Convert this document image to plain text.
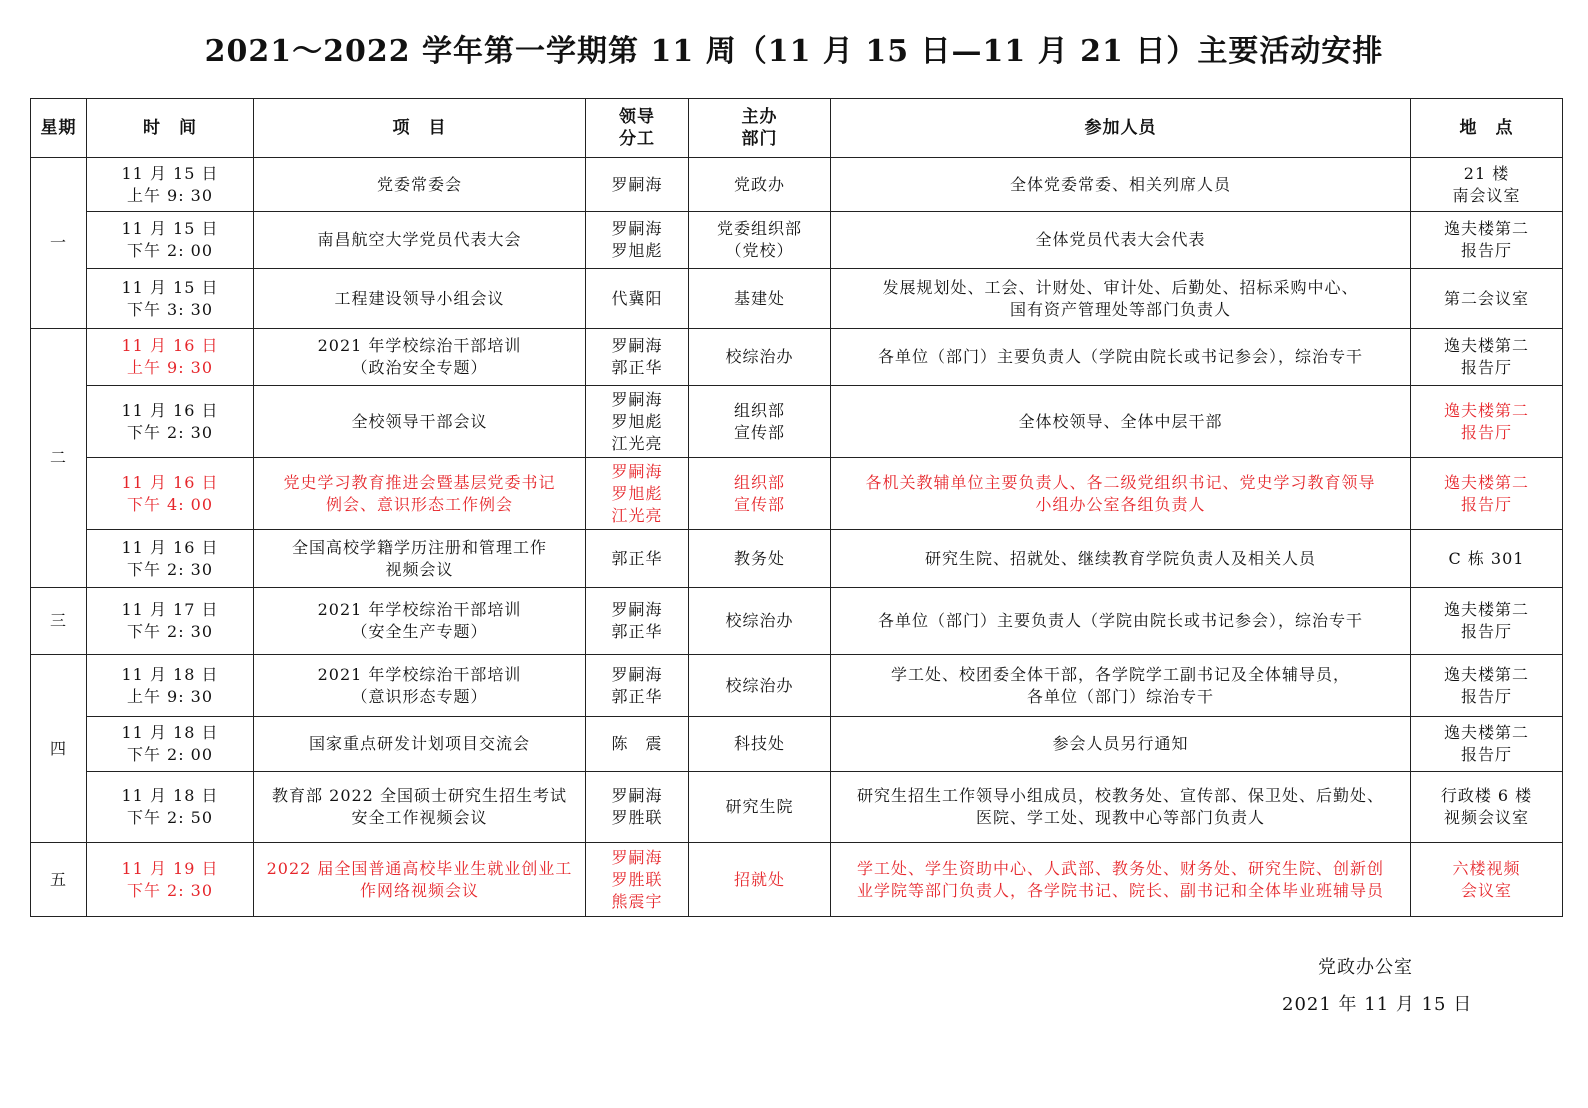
2021～2022 学年第一学期第 11 周（11 月 15 日—11 月 21 日）主要活动安排
星期	时　间	项　目	领导
分工	主办
部门	参加人员	地　点

一	11 月 15 日
上午 9: 30	党委常委会	罗嗣海	党政办	全体党委常委、相关列席人员	21 楼
南会议室

	11 月 15 日
下午 2: 00	南昌航空大学党员代表大会	罗嗣海
罗旭彪	党委组织部
（党校）	全体党员代表大会代表	逸夫楼第二
报告厅

	11 月 15 日
下午 3: 30	工程建设领导小组会议	代冀阳	基建处	发展规划处、工会、计财处、审计处、后勤处、招标采购中心、
国有资产管理处等部门负责人	第二会议室

二	11 月 16 日
上午 9: 30	2021 年学校综治干部培训
（政治安全专题）	罗嗣海
郭正华	校综治办	各单位（部门）主要负责人（学院由院长或书记参会），综治专干	逸夫楼第二
报告厅

	11 月 16 日
下午 2: 30	全校领导干部会议	罗嗣海
罗旭彪
江光亮	组织部
宣传部	全体校领导、全体中层干部	逸夫楼第二
报告厅

	11 月 16 日
下午 4: 00	党史学习教育推进会暨基层党委书记
例会、意识形态工作例会	罗嗣海
罗旭彪
江光亮	组织部
宣传部	各机关教辅单位主要负责人、各二级党组织书记、党史学习教育领导
小组办公室各组负责人	逸夫楼第二
报告厅

	11 月 16 日
下午 2: 30	全国高校学籍学历注册和管理工作
视频会议	郭正华	教务处	研究生院、招就处、继续教育学院负责人及相关人员	C 栋 301

三	11 月 17 日
下午 2: 30	2021 年学校综治干部培训
（安全生产专题）	罗嗣海
郭正华	校综治办	各单位（部门）主要负责人（学院由院长或书记参会），综治专干	逸夫楼第二
报告厅

四	11 月 18 日
上午 9: 30	2021 年学校综治干部培训
（意识形态专题）	罗嗣海
郭正华	校综治办	学工处、校团委全体干部，各学院学工副书记及全体辅导员，
各单位（部门）综治专干	逸夫楼第二
报告厅

	11 月 18 日
下午 2: 00	国家重点研发计划项目交流会	陈　震	科技处	参会人员另行通知	逸夫楼第二
报告厅

	11 月 18 日
下午 2: 50	教育部 2022 全国硕士研究生招生考试
安全工作视频会议	罗嗣海
罗胜联	研究生院	研究生招生工作领导小组成员，校教务处、宣传部、保卫处、后勤处、
医院、学工处、现教中心等部门负责人	行政楼 6 楼
视频会议室

五	11 月 19 日
下午 2: 30	2022 届全国普通高校毕业生就业创业工
作网络视频会议	罗嗣海
罗胜联
熊震宇	招就处	学工处、学生资助中心、人武部、教务处、财务处、研究生院、创新创
业学院等部门负责人，各学院书记、院长、副书记和全体毕业班辅导员	六楼视频
会议室
党政办公室
2021 年 11 月 15 日
